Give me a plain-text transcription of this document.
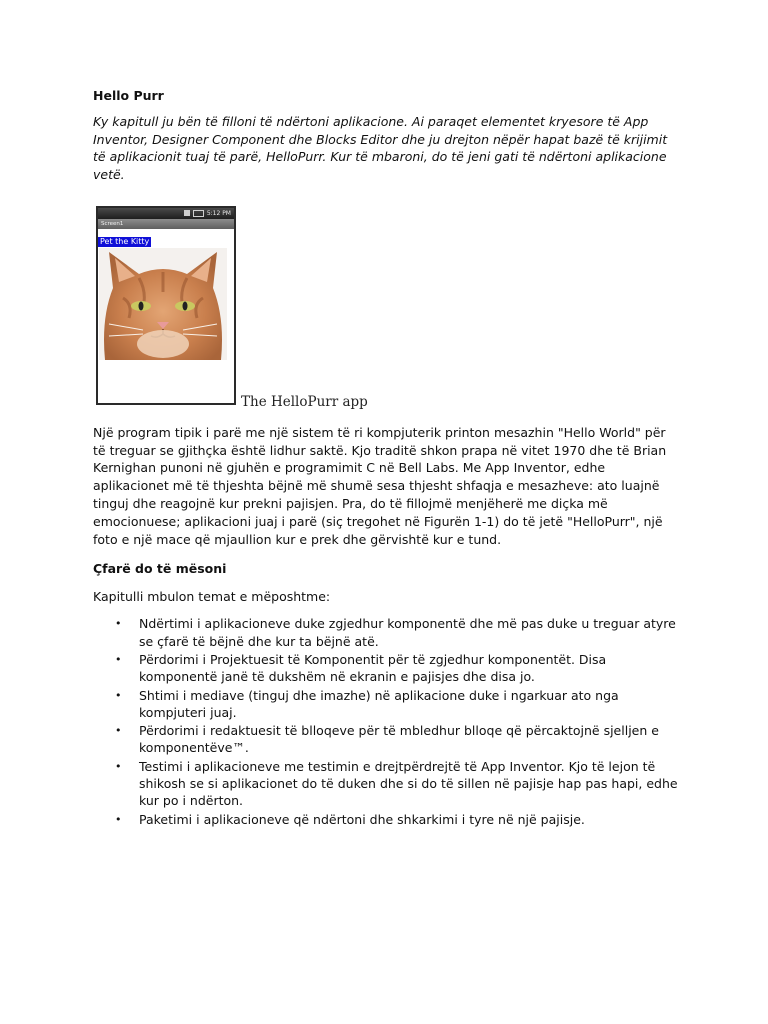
Hello Purr

Ky kapitull ju bën të filloni të ndërtoni aplikacione. Ai paraqet elementet kryesore të App Inventor, Designer Component dhe Blocks Editor dhe ju drejton nëpër hapat bazë të krijimit të aplikacionit tuaj të parë, HelloPurr. Kur të mbaroni, do të jeni gati të ndërtoni aplikacione vetë.

5:12 PM
Screen1
Pet the Kitty
The HelloPurr app

Një program tipik i parë me një sistem të ri kompjuterik printon mesazhin "Hello World" për të treguar se gjithçka është lidhur saktë. Kjo traditë shkon prapa në vitet 1970 dhe të Brian Kernighan punoni në gjuhën e programimit C në Bell Labs. Me App Inventor, edhe aplikacionet më të thjeshta bëjnë më shumë sesa thjesht shfaqja e mesazheve: ato luajnë tinguj dhe reagojnë kur prekni pajisjen. Pra, do të fillojmë menjëherë me diçka më emocionuese; aplikacioni juaj i parë (siç tregohet në Figurën 1-1) do të jetë "HelloPurr", një foto e një mace që mjaullion kur e prek dhe gërvishtë kur e tund.

Çfarë do të mësoni

Kapitulli mbulon temat e mëposhtme:

• Ndërtimi i aplikacioneve duke zgjedhur komponentë dhe më pas duke u treguar atyre se çfarë të bëjnë dhe kur ta bëjnë atë.
• Përdorimi i Projektuesit të Komponentit për të zgjedhur komponentët. Disa komponentë janë të dukshëm në ekranin e pajisjes dhe disa jo.
• Shtimi i mediave (tinguj dhe imazhe) në aplikacione duke i ngarkuar ato nga kompjuteri juaj.
• Përdorimi i redaktuesit të blloqeve për të mbledhur blloqe që përcaktojnë sjelljen e komponentëve™.
• Testimi i aplikacioneve me testimin e drejtpërdrejtë të App Inventor. Kjo të lejon të shikosh se si aplikacionet do të duken dhe si do të sillen në pajisje hap pas hapi, edhe kur po i ndërton.
• Paketimi i aplikacioneve që ndërtoni dhe shkarkimi i tyre në një pajisje.
